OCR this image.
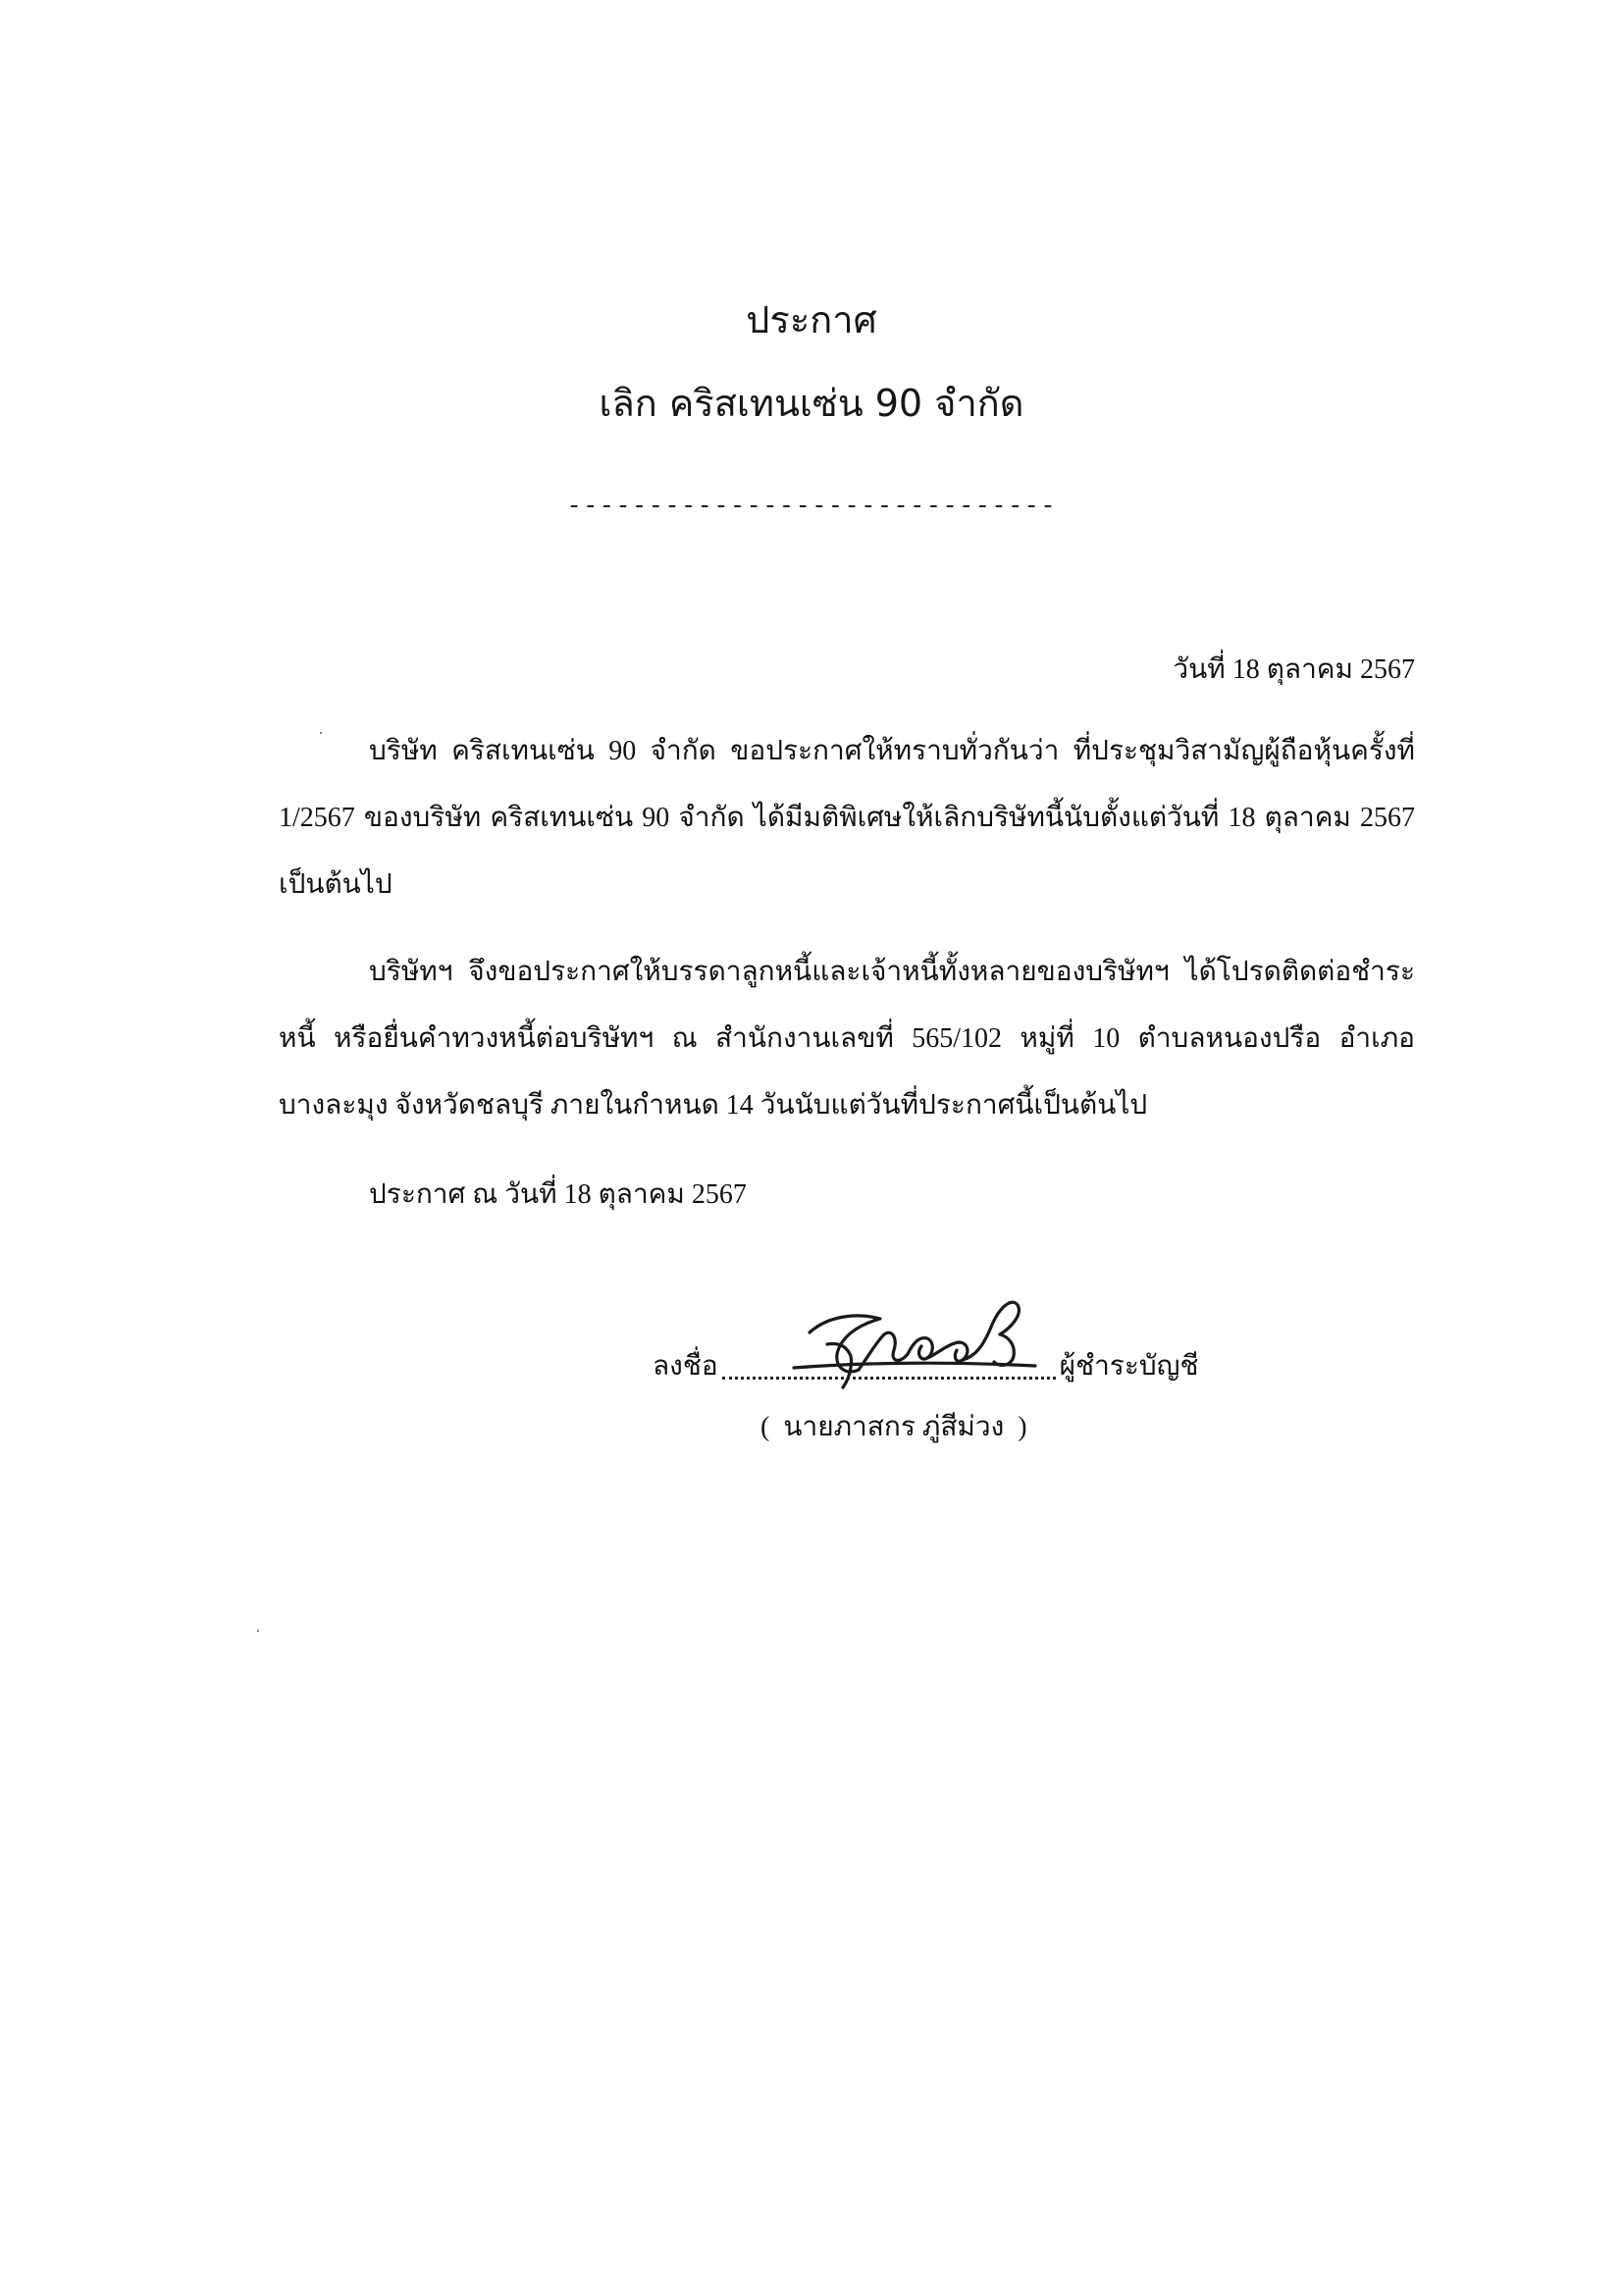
ประกาศ
เลิก คริสเทนเซ่น 90 จำกัด
------------------------------
วันที่ 18 ตุลาคม 2567

บริษัท คริสเทนเซ่น 90 จำกัด ขอประกาศให้ทราบทั่วกันว่า ที่ประชุมวิสามัญผู้ถือหุ้นครั้งที่ 1/2567 ของบริษัท คริสเทนเซ่น 90 จำกัด ได้มีมติพิเศษให้เลิกบริษัทนี้นับตั้งแต่วันที่ 18 ตุลาคม 2567 เป็นต้นไป

บริษัทฯ จึงขอประกาศให้บรรดาลูกหนี้และเจ้าหนี้ทั้งหลายของบริษัทฯ ได้โปรดติดต่อชำระหนี้ หรือยื่นคำทวงหนี้ต่อบริษัทฯ ณ สำนักงานเลขที่ 565/102 หมู่ที่ 10 ตำบลหนองปรือ อำเภอบางละมุง จังหวัดชลบุรี ภายในกำหนด 14 วันนับแต่วันที่ประกาศนี้เป็นต้นไป

ประกาศ ณ วันที่ 18 ตุลาคม 2567
ลงชื่อ	ผู้ชำระบัญชี
(  นายภาสกร ภู่สีม่วง  )
